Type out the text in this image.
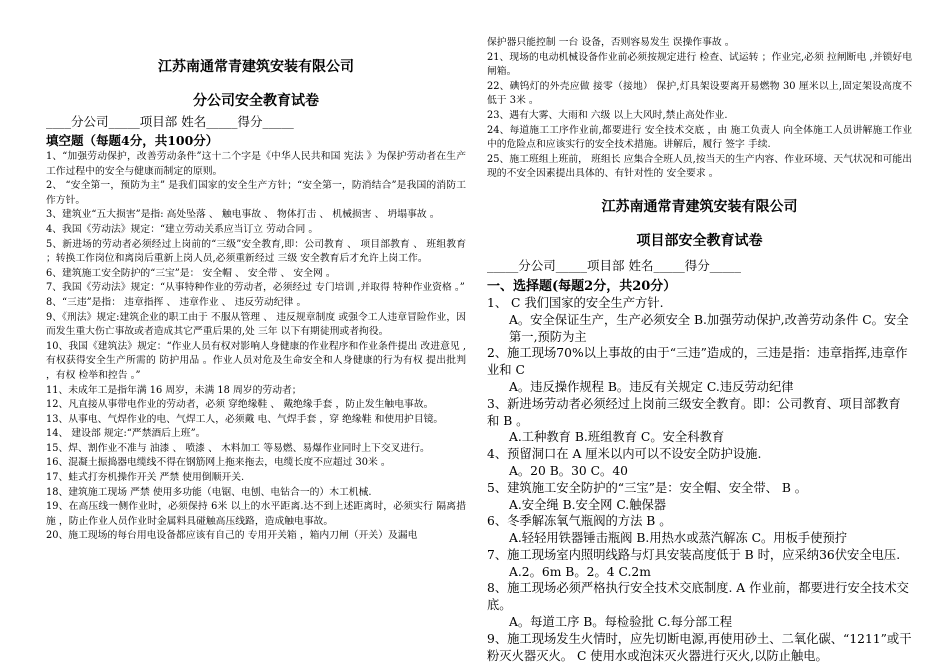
江苏南通常青建筑安装有限公司

分公司安全教育试卷

____分公司_____项目部 姓名_____得分_____

填空题（每题4分，共100分）

1、“加强劳动保护，改善劳动条件”这十二个字是《中华人民共和国 宪法 》为保护劳动者在生产工作过程中的安全与健康而制定的原则。

2、 “安全第一，预防为主” 是我们国家的安全生产方针；“安全第一，防消结合”是我国的消防工作方针。

3、建筑业“五大损害”是指: 高处坠落 、 触电事故 、 物体打击 、 机械损害 、 坍塌事故 。

4、我国《劳动法》规定：“建立劳动关系应当订立 劳动合同 。

5、新进场的劳动者必须经过上岗前的“三级”安全教育,即：公司教育 、 项目部教育 、 班组教育 ；转换工作岗位和离岗后重新上岗人员,必须重新经过 三级 安全教育后才允许上岗工作。

6、建筑施工安全防护的“三宝”是： 安全帽 、 安全带 、 安全网 。

7、我国《劳动法》规定：“从事特种作业的劳动者，必须经过 专门培训 ,并取得 特种作业资格 。”

8、“三违”是指： 违章指挥 、 违章作业 、 违反劳动纪律 。

9、《刑法》规定:建筑企业的职工由于 不服从管理 、 违反规章制度 或强令工人违章冒险作业，因而发生重大伤亡事故或者造成其它严重后果的,处 三年 以下有期徒刑或者拘役。

10、我国《建筑法》规定：“作业人员有权对影响人身健康的作业程序和作业条件提出 改进意见 ,有权获得安全生产所需的 防护用品 。作业人员对危及生命安全和人身健康的行为有权 提出批判 ，有权 检举和控告 。”

11、未成年工是指年满 16 周岁，未满 18 周岁的劳动者；

12、凡直接从事带电作业的劳动者，必须 穿绝缘鞋 、 戴绝缘手套 ，防止发生触电事故。

13、从事电、气焊作业的电、气焊工人，必须戴 电、气焊手套 ，穿 绝缘鞋 和使用护目镜。

14、 建设部 规定:“严禁酒后上班”。

15、焊、割作业不准与 油漆 、 喷漆 、 木料加工 等易燃、易爆作业同时上下交叉进行。

16、混凝土振捣器电缆线不得在钢筋网上拖来拖去，电缆长度不应超过 30米 。

17、蛙式打夯机操作开关 严禁 使用倒顺开关.

18、建筑施工现场 严禁 使用多功能（电锯、电刨、电钻合一的）木工机械.

19、在高压线一侧作业时，必须保持 6米 以上的水平距离.达不到上述距离时，必须实行 隔离措施 ，防止作业人员作业时金属料具碰触高压线路，造成触电事故。

20、施工现场的每台用电设备都应该有自己的 专用开关箱 ，箱内刀闸（开关）及漏电

保护器只能控制 一台 设备，否则容易发生 误操作事故 。

21、现场的电动机械设备作业前必须按规定进行 检查、试运转 ；作业完,必须 拉闸断电 ,并锁好电闸箱。

22、碘钨灯的外壳应做 接零（接地） 保护,灯具架设要离开易燃物 30 厘米以上,固定架设高度不低于 3米 。

23、遇有大雾、大雨和 六级 以上大风时,禁止高处作业.

24、每道施工工序作业前,都要进行 安全技术交底 ，由 施工负责人 向全体施工人员讲解施工作业中的危险点和应该实行的安全技术措施。讲解后，履行 签字 手续.

25、施工班组上班前， 班组长 应集合全班人员,按当天的生产内容、作业环境、天气状况和可能出现的不安全因素提出具体的、有针对性的 安全要求 。

江苏南通常青建筑安装有限公司

项目部安全教育试卷

_____分公司_____项目部 姓名_____得分_____

一、选择题(每题2分，共20分）

1、 C 我们国家的安全生产方针.

A。安全保证生产，生产必须安全 B.加强劳动保护,改善劳动条件 C。安全第一,预防为主

2、施工现场70%以上事故的由于“三违”造成的，三违是指：违章指挥,违章作业和 C

A。违反操作规程 B。违反有关规定 C.违反劳动纪律

3、新进场劳动者必须经过上岗前三级安全教育。即：公司教育、项目部教育和 B 。

A.工种教育 B.班组教育 C。安全科教育

4、预留洞口在 A 厘米以内可以不设安全防护设施.

A。20 B。30 C。40

5、建筑施工安全防护的“三宝”是：安全帽、安全带、 B 。

A.安全绳 B.安全网 C.触保器

6、冬季解冻氧气瓶阀的方法 B 。

A.轻轻用铁器锤击瓶阀 B.用热水或蒸汽解冻 C。用板手使预拧

7、施工现场室内照明线路与灯具安装高度低于 B 时，应采纳36伏安全电压.

A.2。6m B。2。4 C.2m

8、施工现场必须严格执行安全技术交底制度. A 作业前，都要进行安全技术交底。

A。每道工序 B。每检验批 C.每分部工程

9、施工现场发生火情时，应先切断电源,再使用砂土、二氧化碳、“1211”或干粉灭火器灭火。 C 使用水或泡沫灭火器进行灭火,以防止触电。
